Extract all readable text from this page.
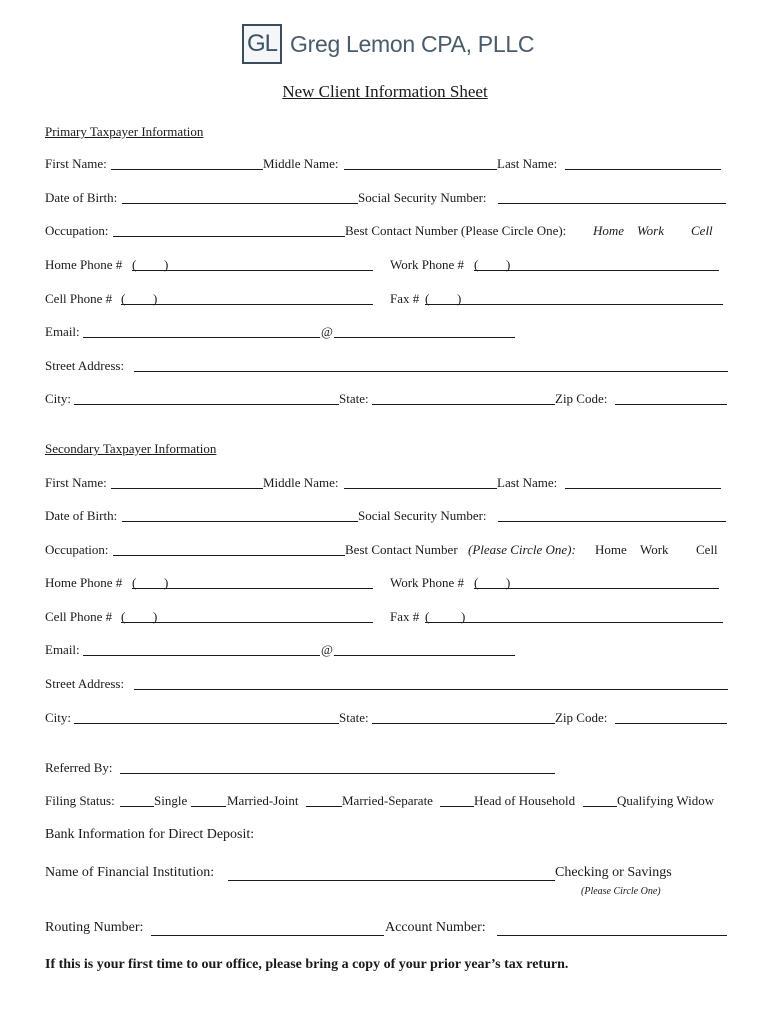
GL Greg Lemon CPA, PLLC
New Client Information Sheet
Primary Taxpayer Information
First Name:	Middle Name:	Last Name:
Date of Birth:	Social Security Number:
Occupation:	Best Contact Number (Please Circle One): Home Work Cell
Home Phone # ( )	Work Phone # ( )
Cell Phone # ( )	Fax # ( )
Email:	@
Street Address:
City:	State:	Zip Code:
Secondary Taxpayer Information
First Name:	Middle Name:	Last Name:
Date of Birth:	Social Security Number:
Occupation:	Best Contact Number (Please Circle One): Home Work Cell
Home Phone # ( )	Work Phone # ( )
Cell Phone # ( )	Fax # ( )
Email:	@
Street Address:
City:	State:	Zip Code:
Referred By:
Filing Status:	Single	Married-Joint	Married-Separate	Head of Household	Qualifying Widow
Bank Information for Direct Deposit:
Name of Financial Institution:	Checking or Savings
(Please Circle One)
Routing Number:	Account Number:
If this is your first time to our office, please bring a copy of your prior year’s tax return.
